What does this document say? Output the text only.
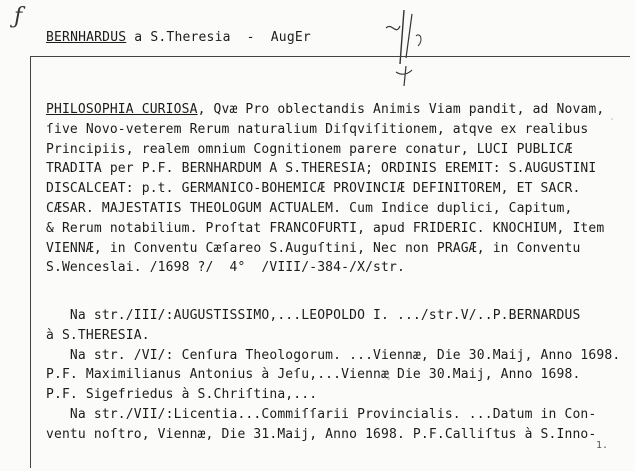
ƒ
BERNHARDUS a S.Theresia  -  AugEr
PHILOSOPHIA CURIOSA, Qvæ Pro oblectandis Animis Viam pandit, ad Novam,
ſive Novo-veterem Rerum naturalium Diſqviſitionem, atqve ex realibus
Principiis, realem omnium Cognitionem parere conatur, LUCI PUBLICÆ
TRADITA per P.F. BERNHARDUM A S.THERESIA; ORDINIS EREMIT: S.AUGUSTINI
DISCALCEAT: p.t. GERMANICO-BOHEMICÆ PROVINCIÆ DEFINITOREM, ET SACR.
CÆSAR. MAJESTATIS THEOLOGUM ACTUALEM. Cum Indice duplici, Capitum,
& Rerum notabilium. Proſtat FRANCOFURTI, apud FRIDERIC. KNOCHIUM, Item
VIENNÆ, in Conventu Cæſareo S.Auguſtini, Nec non PRAGÆ, in Conventu
S.Wenceslai. /1698 ?/  4°  /VIII/-384-/X/str.
Na str./III/:AUGUSTISSIMO,...LEOPOLDO I. .../str.V/..P.BERNARDUS
à S.THERESIA.
Na str. /VI/: Cenſura Theologorum. ...Viennæ, Die 30.Maij, Anno 1698.
P.F. Maximilianus Antonius à Jeſu,...Viennæ Die 30.Maij, Anno 1698.
P.F. Sigefriedus à S.Chriſtina,...
Na str./VII/:Licentia...Commiſſarii Provincialis. ...Datum in Con-
ventu noſtro, Viennæ, Die 31.Maij, Anno 1698. P.F.Calliſtus à S.Inno-
1.
